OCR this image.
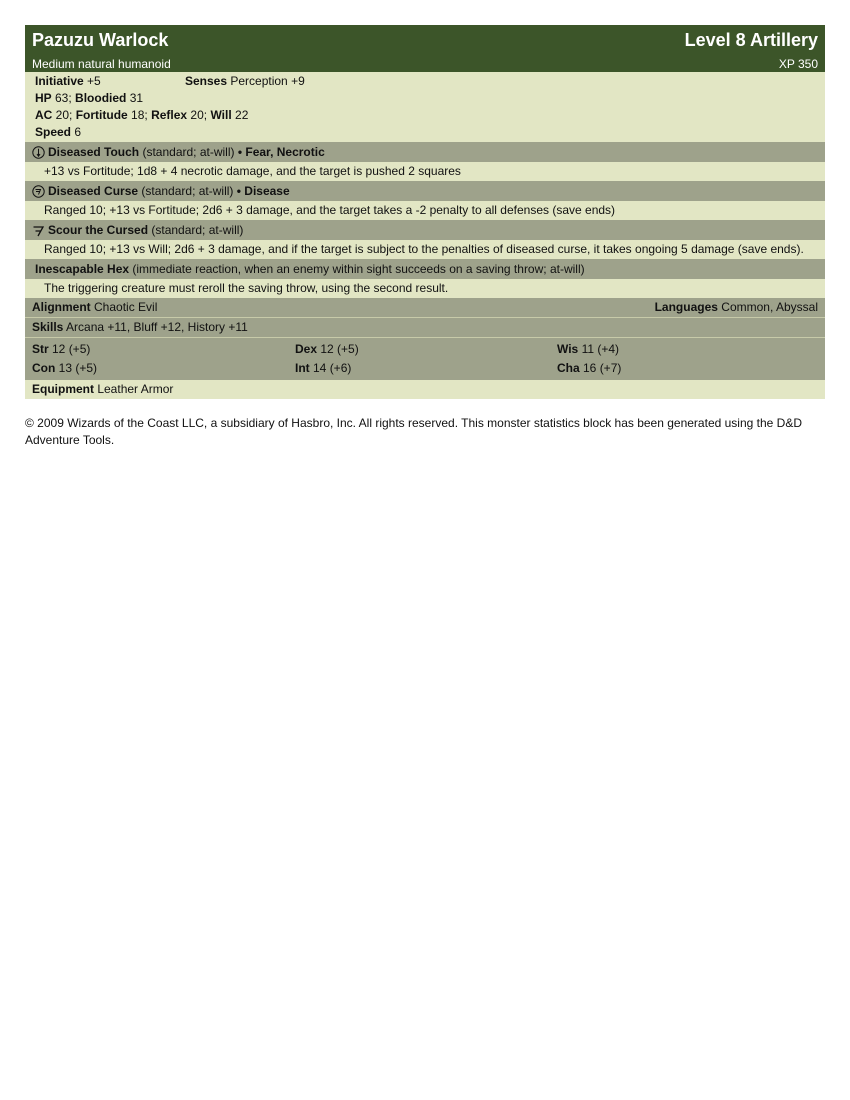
Pazuzu Warlock	Level 8 Artillery
Medium natural humanoid	XP 350
Initiative +5	Senses Perception +9
HP 63; Bloodied 31
AC 20; Fortitude 18; Reflex 20; Will 22
Speed 6
Diseased Touch (standard; at-will) • Fear, Necrotic
+13 vs Fortitude; 1d8 + 4 necrotic damage, and the target is pushed 2 squares
Diseased Curse (standard; at-will) • Disease
Ranged 10; +13 vs Fortitude; 2d6 + 3 damage, and the target takes a -2 penalty to all defenses (save ends)
Scour the Cursed (standard; at-will)
Ranged 10; +13 vs Will; 2d6 + 3 damage, and if the target is subject to the penalties of diseased curse, it takes ongoing 5 damage (save ends).
Inescapable Hex (immediate reaction, when an enemy within sight succeeds on a saving throw; at-will)
The triggering creature must reroll the saving throw, using the second result.
Alignment Chaotic Evil	Languages Common, Abyssal
Skills Arcana +11, Bluff +12, History +11
Str 12 (+5)	Dex 12 (+5)	Wis 11 (+4)
Con 13 (+5)	Int 14 (+6)	Cha 16 (+7)
Equipment Leather Armor
© 2009 Wizards of the Coast LLC, a subsidiary of Hasbro, Inc. All rights reserved. This monster statistics block has been generated using the D&D Adventure Tools.
